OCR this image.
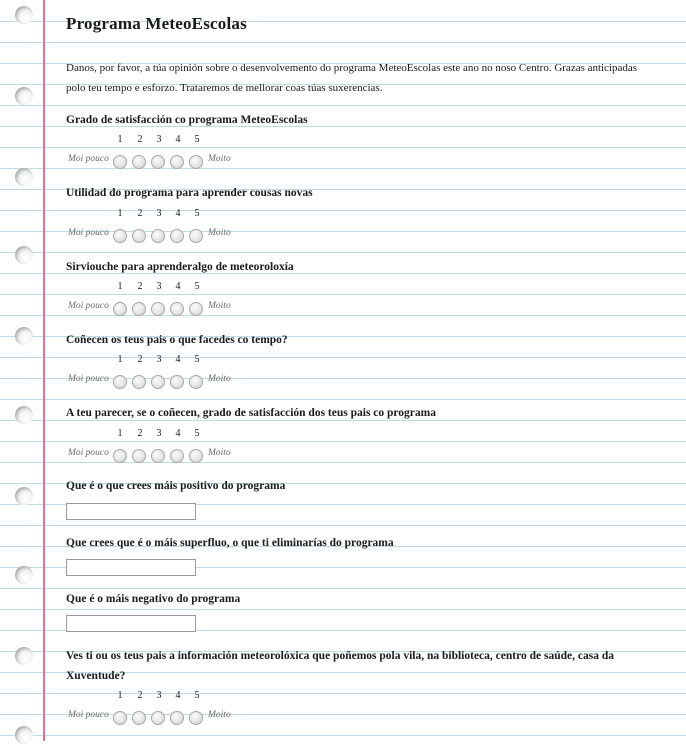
Programa MeteoEscolas
Danos, por favor, a túa opinión sobre o desenvolvemento do programa MeteoEscolas este ano no noso Centro. Grazas anticipadas polo teu tempo e esforzo. Trataremos de mellorar coas túas suxerencias.
Grado de satisfacción co programa MeteoEscolas
1	2	3	4	5
Moi pouco	Moito
Utilidad do programa para aprender cousas novas
1	2	3	4	5
Moi pouco	Moito
Sirviouche para aprenderalgo de meteoroloxía
1	2	3	4	5
Moi pouco	Moito
Coñecen os teus pais o que facedes co tempo?
1	2	3	4	5
Moi pouco	Moito
A teu parecer, se o coñecen, grado de satisfacción dos teus pais co programa
1	2	3	4	5
Moi pouco	Moito
Que é o que crees máis positivo do programa
Que crees que é o máis superfluo, o que ti eliminarías do programa
Que é o máis negativo do programa
Ves ti ou os teus pais a información meteorolóxica que poñemos pola vila, na biblioteca, centro de saúde, casa da Xuventude?
1	2	3	4	5
Moi pouco	Moito
